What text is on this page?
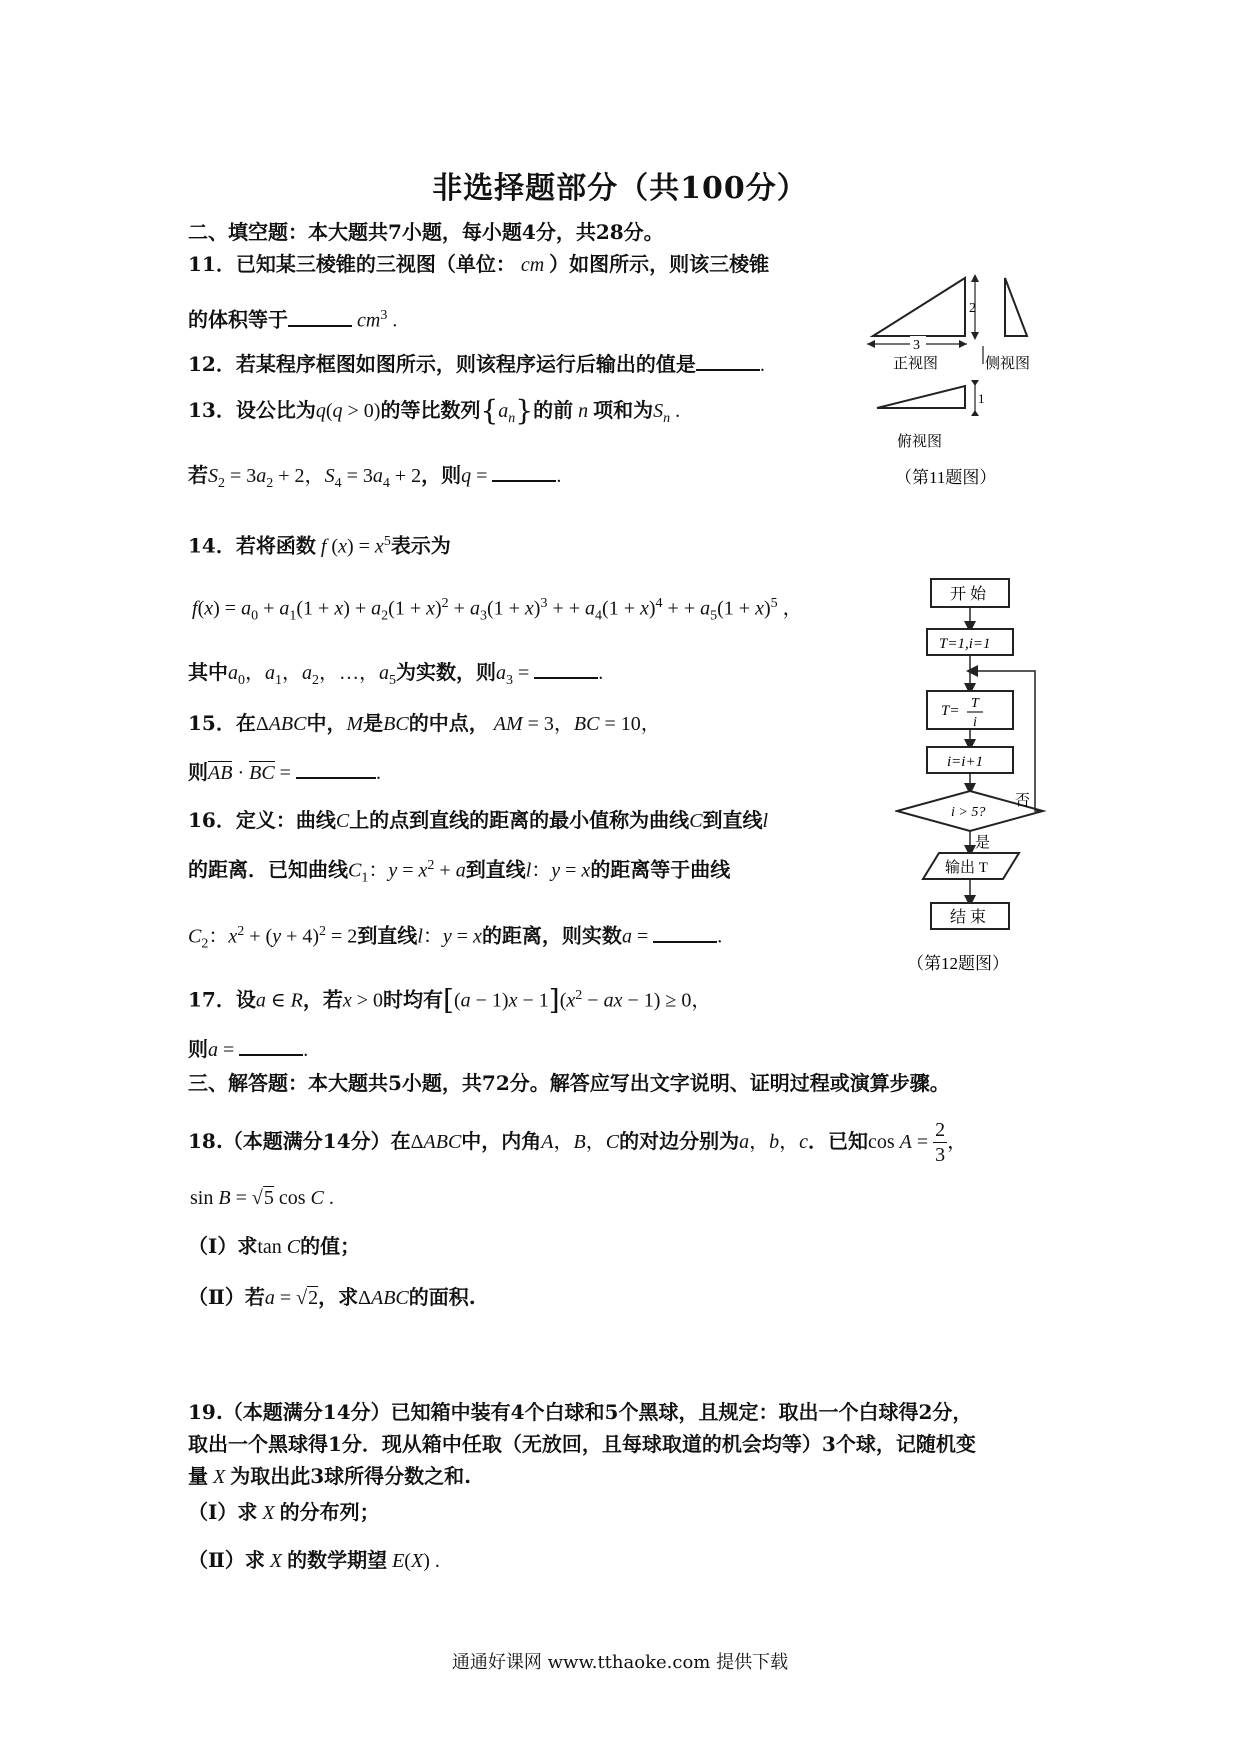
非选择题部分（共100分）
二、填空题：本大题共7小题，每小题4分，共28分。
11．已知某三棱锥的三视图（单位： cm ）如图所示，则该三棱锥
的体积等于	$cm^3$ .
12．若某程序框图如图所示，则该程序运行后输出的值是	.
13．设公比为q(q > 0)的等比数列$\{a_n\}$的前 n 项和为$S_n$ .
若$S_2 = 3a_2 + 2$，$S_4 = 3a_4 + 2$，则q =	.
14．若将函数 f $(x) = x^5$表示为
$f(x) = a_0 + a_1(1 + x) + a_2(1 + x)^2 + a_3(1 + x)^3$ + + $a_4(1 + x)^4$ + + $a_5(1 + x)^5$ ，
其中$a_0$，$a_1$，$a_2$，…，$a_5$为实数，则$a_3$ =	.
15．在ΔABC中，M是BC的中点， AM = 3，BC = 10，
则AB · BC =	.
16．定义：曲线C上的点到直线的距离的最小值称为曲线C到直线l
的距离．已知曲线$C_1$：$y = x^2 + a$到直线l：y = x的距离等于曲线
$C_2$：$x^2 + (y + 4)^2 = 2$到直线l：y = x的距离，则实数a =	.
17．设a ∈ R，若x > 0时均有$[(a - 1)x - 1](x^2$ − ax − 1) ≥ 0，
则a =	.
三、解答题：本大题共5小题，共72分。解答应写出文字说明、证明过程或演算步骤。
18.（本题满分14分）在ΔABC中，内角A，B，C的对边分别为a，b，c．已知$\cos A = \frac{2}{3}$ ，
sin B = √5 cos C .
（Ⅰ）求tan C的值；
（Ⅱ）若a = √2，求ΔABC的面积.
19.（本题满分14分）已知箱中装有4个白球和5个黑球，且规定：取出一个白球得2分，
取出一个黑球得1分．现从箱中任取（无放回，且每球取道的机会均等）3个球，记随机变
量 X 为取出此3球所得分数之和.
（Ⅰ）求 X 的分布列；
（Ⅱ）求 X 的数学期望 E(X) .
2
3
正视图	侧视图
1
俯视图
（第11题图）
开 始
T=1,i=1
T= T
i
i=i+1
i > 5?
否
是
输出 T
结 束
（第12题图）
通通好课网 www.tthaoke.com 提供下载
